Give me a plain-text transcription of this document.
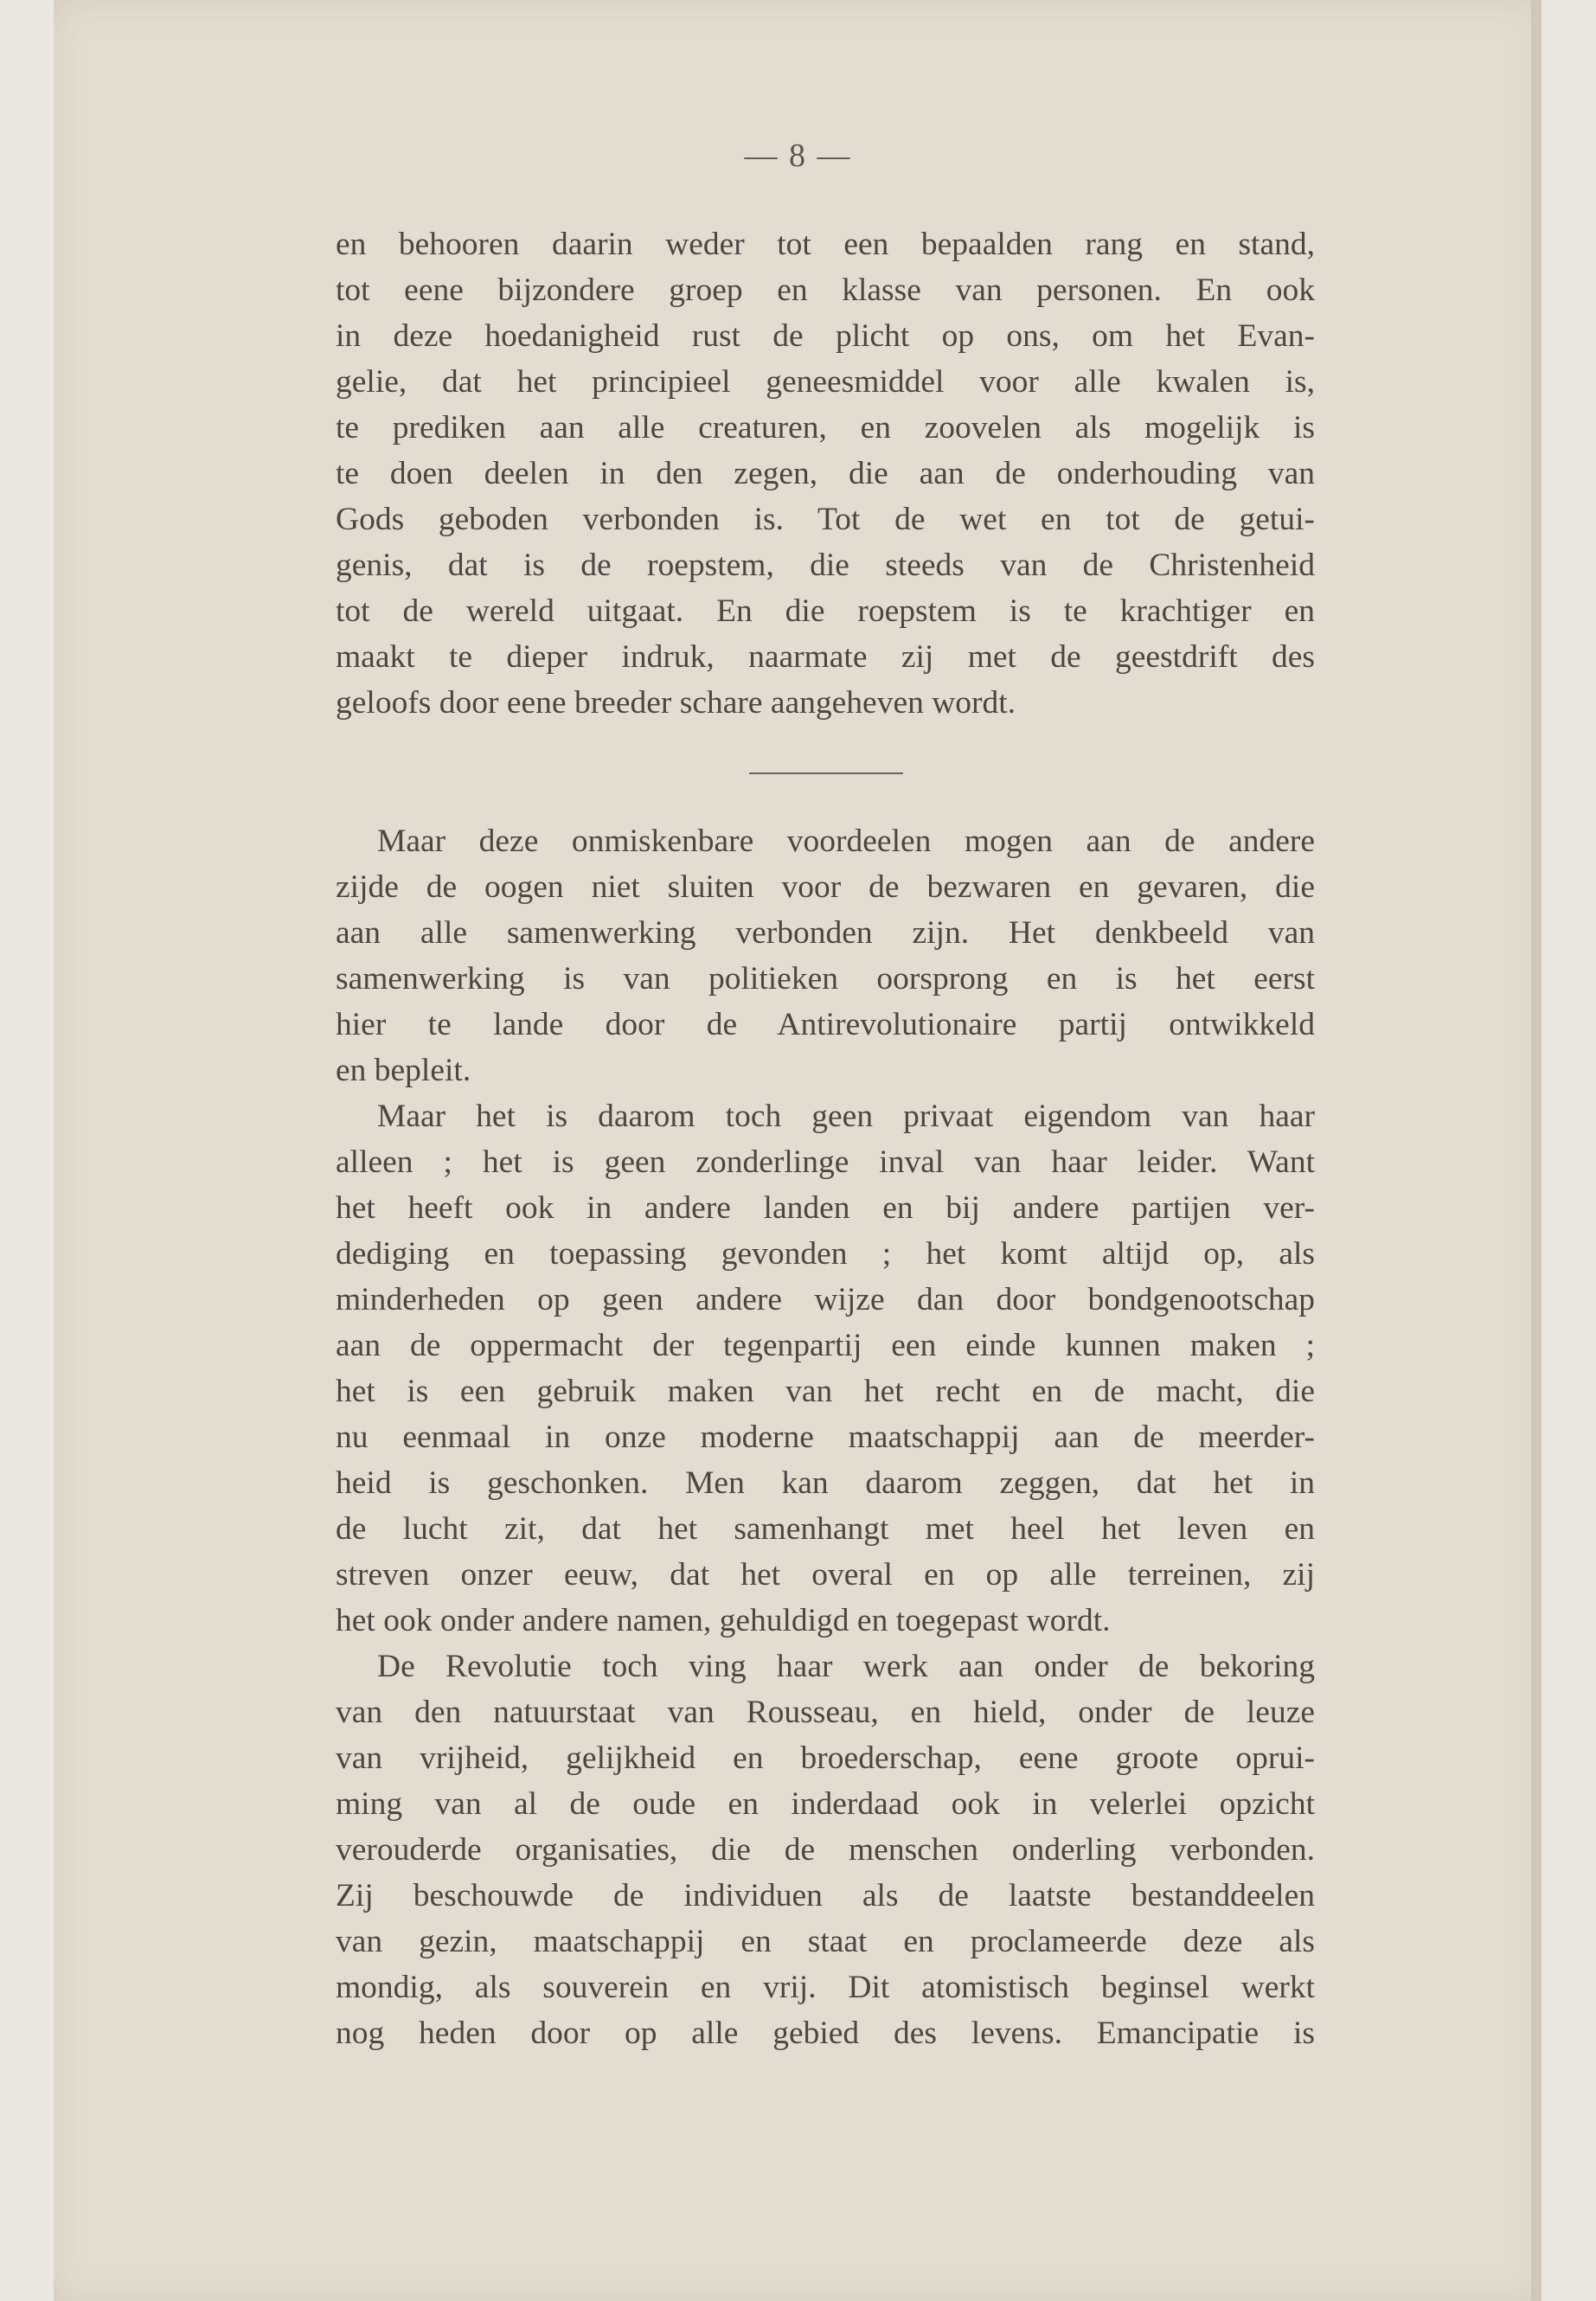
— 8 —
en behooren daarin weder tot een bepaalden rang en stand,
tot eene bijzondere groep en klasse van personen. En ook
in deze hoedanigheid rust de plicht op ons, om het Evan-
gelie, dat het principieel geneesmiddel voor alle kwalen is,
te prediken aan alle creaturen, en zoovelen als mogelijk is
te doen deelen in den zegen, die aan de onderhouding van
Gods geboden verbonden is. Tot de wet en tot de getui-
genis, dat is de roepstem, die steeds van de Christenheid
tot de wereld uitgaat. En die roepstem is te krachtiger en
maakt te dieper indruk, naarmate zij met de geestdrift des
geloofs door eene breeder schare aangeheven wordt.
Maar deze onmiskenbare voordeelen mogen aan de andere
zijde de oogen niet sluiten voor de bezwaren en gevaren, die
aan alle samenwerking verbonden zijn. Het denkbeeld van
samenwerking is van politieken oorsprong en is het eerst
hier te lande door de Antirevolutionaire partij ontwikkeld
en bepleit.
Maar het is daarom toch geen privaat eigendom van haar
alleen ; het is geen zonderlinge inval van haar leider. Want
het heeft ook in andere landen en bij andere partijen ver-
dediging en toepassing gevonden ; het komt altijd op, als
minderheden op geen andere wijze dan door bondgenootschap
aan de oppermacht der tegenpartij een einde kunnen maken ;
het is een gebruik maken van het recht en de macht, die
nu eenmaal in onze moderne maatschappij aan de meerder-
heid is geschonken. Men kan daarom zeggen, dat het in
de lucht zit, dat het samenhangt met heel het leven en
streven onzer eeuw, dat het overal en op alle terreinen, zij
het ook onder andere namen, gehuldigd en toegepast wordt.
De Revolutie toch ving haar werk aan onder de bekoring
van den natuurstaat van Rousseau, en hield, onder de leuze
van vrijheid, gelijkheid en broederschap, eene groote opruі-
ming van al de oude en inderdaad ook in velerlei opzicht
verouderde organisaties, die de menschen onderling verbonden.
Zij beschouwde de individuen als de laatste bestanddeelen
van gezin, maatschappij en staat en proclameerde deze als
mondig, als souverein en vrij. Dit atomistisch beginsel werkt
nog heden door op alle gebied des levens. Emancipatie is
